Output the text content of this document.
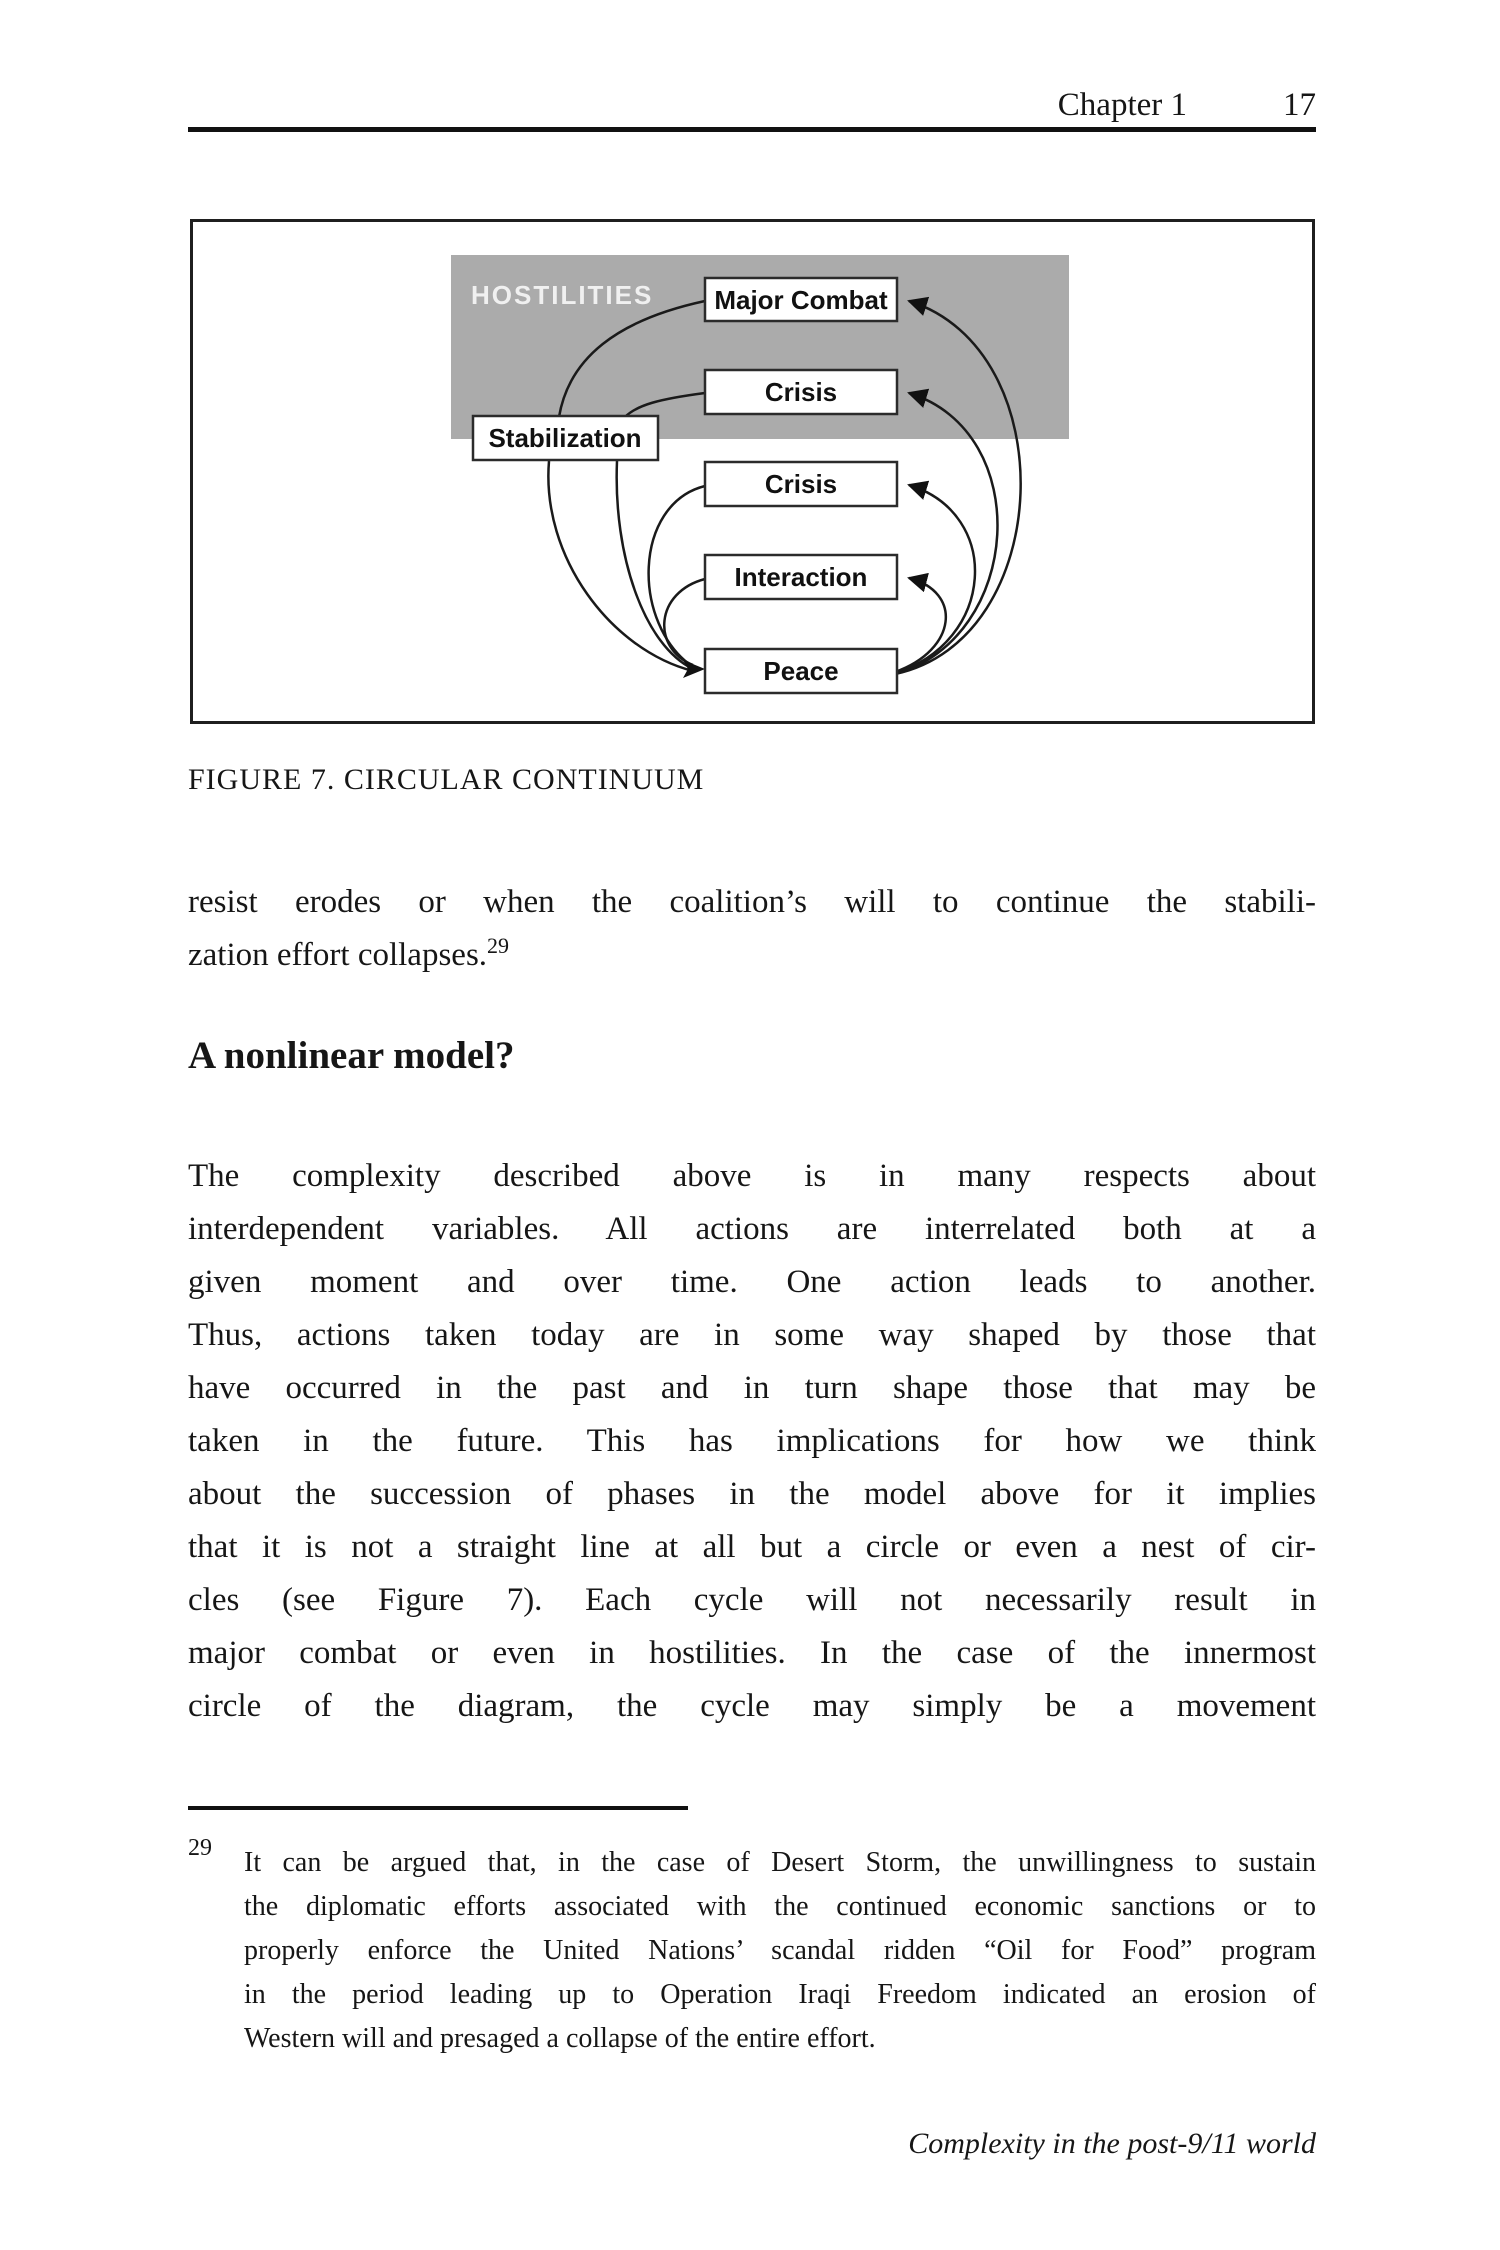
Chapter 1	17
HOSTILITIES Major Combat
Crisis
Stabilization
Crisis
Interaction
Peace
FIGURE 7. CIRCULAR CONTINUUM
resist erodes or when the coalition’s will to continue the stabili-
zation effort collapses.$^{29}$
A nonlinear model?
The complexity described above is in many respects about
interdependent variables. All actions are interrelated both at a
given moment and over time. One action leads to another.
Thus, actions taken today are in some way shaped by those that
have occurred in the past and in turn shape those that may be
taken in the future. This has implications for how we think
about the succession of phases in the model above for it implies
that it is not a straight line at all but a circle or even a nest of cir-
cles (see Figure 7). Each cycle will not necessarily result in
major combat or even in hostilities. In the case of the innermost
circle of the diagram, the cycle may simply be a movement
29	It can be argued that, in the case of Desert Storm, the unwillingness to sustain
the diplomatic efforts associated with the continued economic sanctions or to
properly enforce the United Nations’ scandal ridden “Oil for Food” program
in the period leading up to Operation Iraqi Freedom indicated an erosion of
Western will and presaged a collapse of the entire effort.
Complexity in the post-9/11 world
